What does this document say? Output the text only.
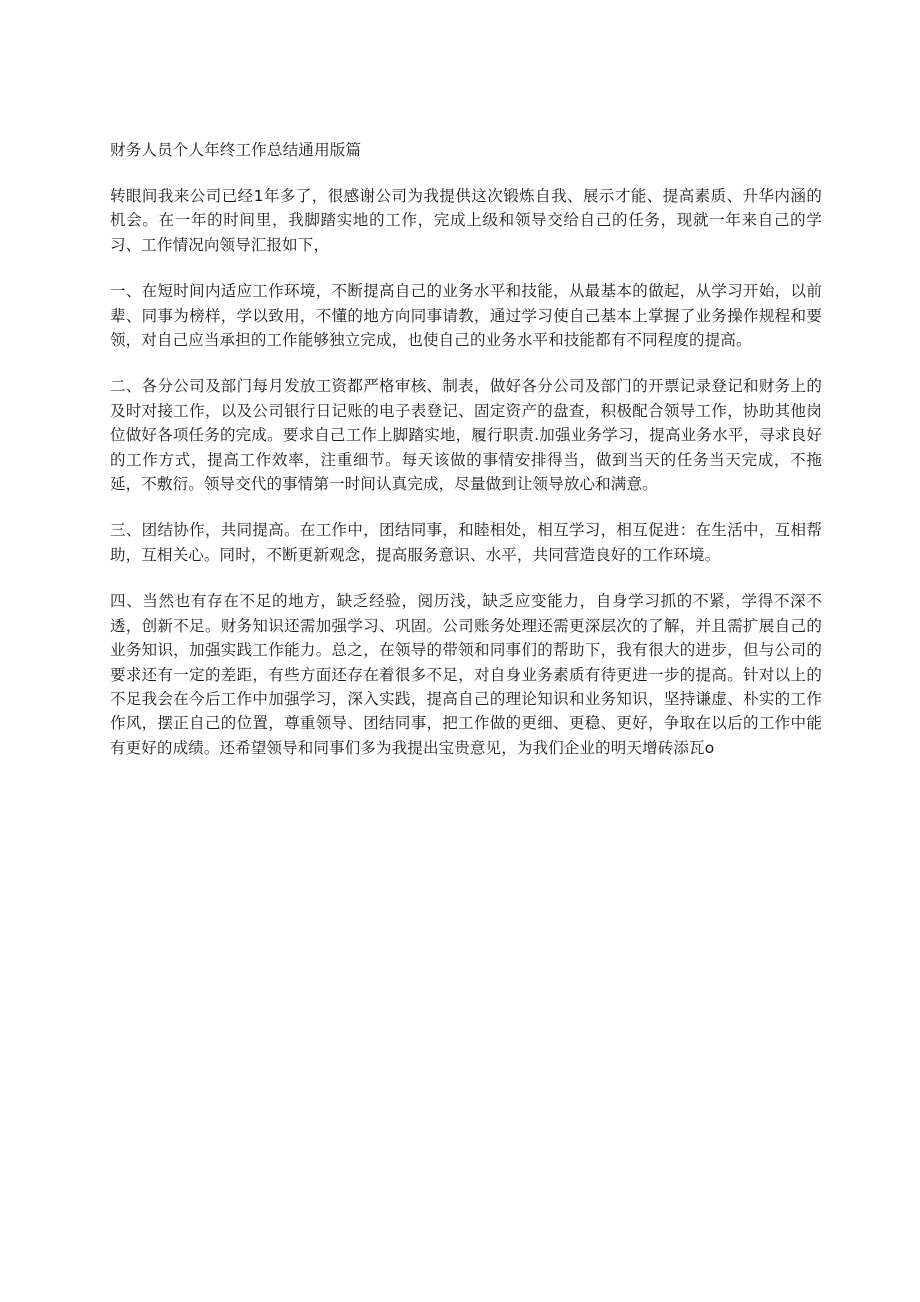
财务人员个人年终工作总结通用版篇

转眼间我来公司已经1年多了，很感谢公司为我提供这次锻炼自我、展示才能、提高素质、升华内涵的机会。在一年的时间里，我脚踏实地的工作，完成上级和领导交给自己的任务，现就一年来自己的学习、工作情况向领导汇报如下，

一、在短时间内适应工作环境，不断提高自己的业务水平和技能，从最基本的做起，从学习开始，以前辈、同事为榜样，学以致用，不懂的地方向同事请教，通过学习使自己基本上掌握了业务操作规程和要领，对自己应当承担的工作能够独立完成，也使自己的业务水平和技能都有不同程度的提高。

二、各分公司及部门每月发放工资都严格审核、制表，做好各分公司及部门的开票记录登记和财务上的及时对接工作，以及公司银行日记账的电子表登记、固定资产的盘查，积极配合领导工作，协助其他岗位做好各项任务的完成。要求自己工作上脚踏实地，履行职责.加强业务学习，提高业务水平，寻求良好的工作方式，提高工作效率，注重细节。每天该做的事情安排得当，做到当天的任务当天完成，不拖延，不敷衍。领导交代的事情第一时间认真完成，尽量做到让领导放心和满意。

三、团结协作，共同提高。在工作中，团结同事，和睦相处，相互学习，相互促进：在生活中，互相帮助，互相关心。同时，不断更新观念，提高服务意识、水平，共同营造良好的工作环境。

四、当然也有存在不足的地方，缺乏经验，阅历浅，缺乏应变能力，自身学习抓的不紧，学得不深不透，创新不足。财务知识还需加强学习、巩固。公司账务处理还需更深层次的了解，并且需扩展自己的业务知识，加强实践工作能力。总之，在领导的带领和同事们的帮助下，我有很大的进步，但与公司的要求还有一定的差距，有些方面还存在着很多不足，对自身业务素质有待更进一步的提高。针对以上的不足我会在今后工作中加强学习，深入实践，提高自己的理论知识和业务知识，坚持谦虚、朴实的工作作风，摆正自己的位置，尊重领导、团结同事，把工作做的更细、更稳、更好，争取在以后的工作中能有更好的成绩。还希望领导和同事们多为我提出宝贵意见，为我们企业的明天增砖添瓦o
